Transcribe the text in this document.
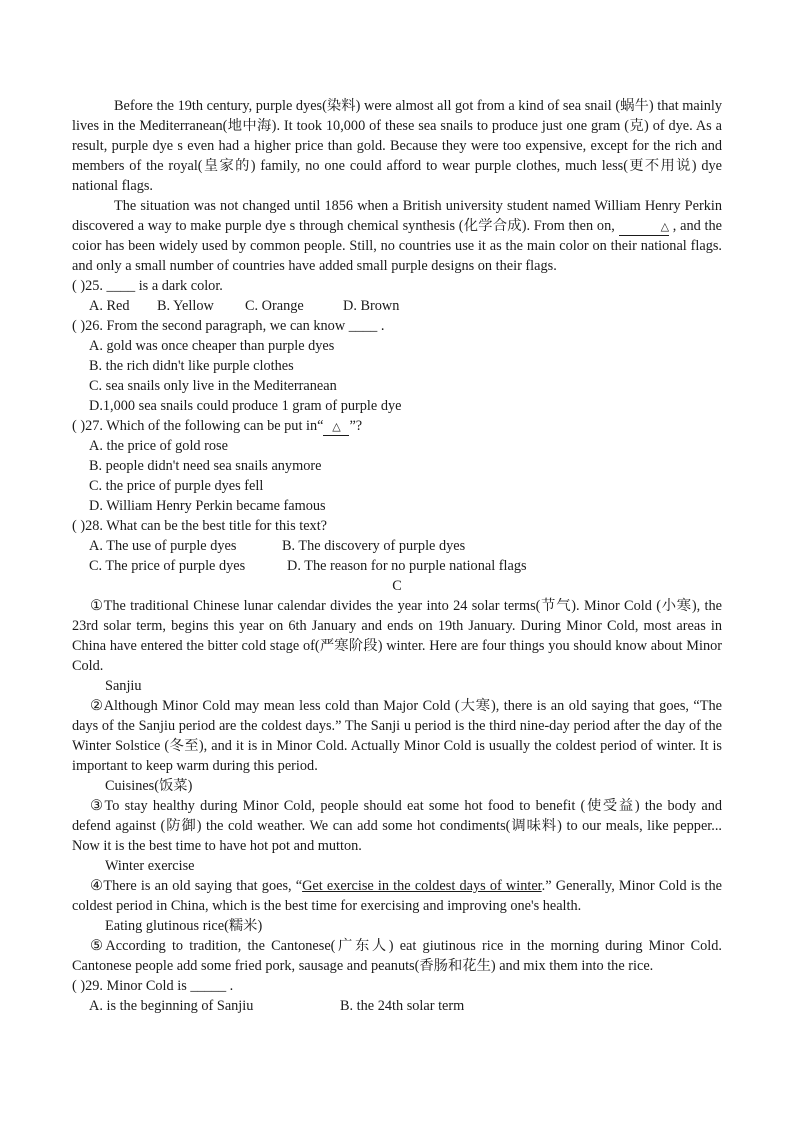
Before the 19th century, purple dyes(染料) were almost all got from a kind of sea snail (蜗牛) that mainly lives in the Mediterranean(地中海). It took 10,000 of these sea snails to produce just one gram (克) of dye. As a result, purple dye s even had a higher price than gold. Because they were too expensive, except for the rich and members of the royal(皇家的) family, no one could afford to wear purple clothes, much less(更不用说) dye national flags.

The situation was not changed until 1856 when a British university student named William Henry Perkin discovered a way to make purple dye s through chemical synthesis (化学合成). From then on,	△ , and the coior has been widely used by common people. Still, no countries use it as the main color on their national flags. and only a small number of countries have added small purple designs on their flags.

( )25. ____ is a dark color.

A. Red B. Yellow C. Orange	D. Brown

( )26. From the second paragraph, we can know ____ .

A. gold was once cheaper than purple dyes

B. the rich didn't like purple clothes

C. sea snails only live in the Mediterranean

D.1,000 sea snails could produce 1 gram of purple dye

( )27. Which of the following can be put in“ △ ”?

A. the price of gold rose

B. people didn't need sea snails anymore

C. the price of purple dyes fell

D. William Henry Perkin became famous

( )28. What can be the best title for this text?

A. The use of purple dyes	B. The discovery of purple dyes

C. The price of purple dyes	D. The reason for no purple national flags

C

①The traditional Chinese lunar calendar divides the year into 24 solar terms(节气). Minor Cold (小寒), the 23rd solar term, begins this year on 6th January and ends on 19th January. During Minor Cold, most areas in China have entered the bitter cold stage of(严寒阶段) winter. Here are four things you should know about Minor Cold.

Sanjiu

②Although Minor Cold may mean less cold than Major Cold (大寒), there is an old saying that goes, “The days of the Sanjiu period are the coldest days.” The Sanji u period is the third nine-day period after the day of the Winter Solstice (冬至), and it is in Minor Cold. Actually Minor Cold is usually the coldest period of winter. It is important to keep warm during this period.

Cuisines(饭菜)

③To stay healthy during Minor Cold, people should eat some hot food to benefit (使受益) the body and defend against (防御) the cold weather. We can add some hot condiments(调味料) to our meals, like pepper... Now it is the best time to have hot pot and mutton.

Winter exercise

④There is an old saying that goes, “Get exercise in the coldest days of winter.” Generally, Minor Cold is the coldest period in China, which is the best time for exercising and improving one's health.

Eating glutinous rice(糯米)

⑤According to tradition, the Cantonese(广东人) eat giutinous rice in the morning during Minor Cold. Cantonese people add some fried pork, sausage and peanuts(香肠和花生) and mix them into the rice.

( )29. Minor Cold is _____ .

A. is the beginning of Sanjiu	B. the 24th solar term
